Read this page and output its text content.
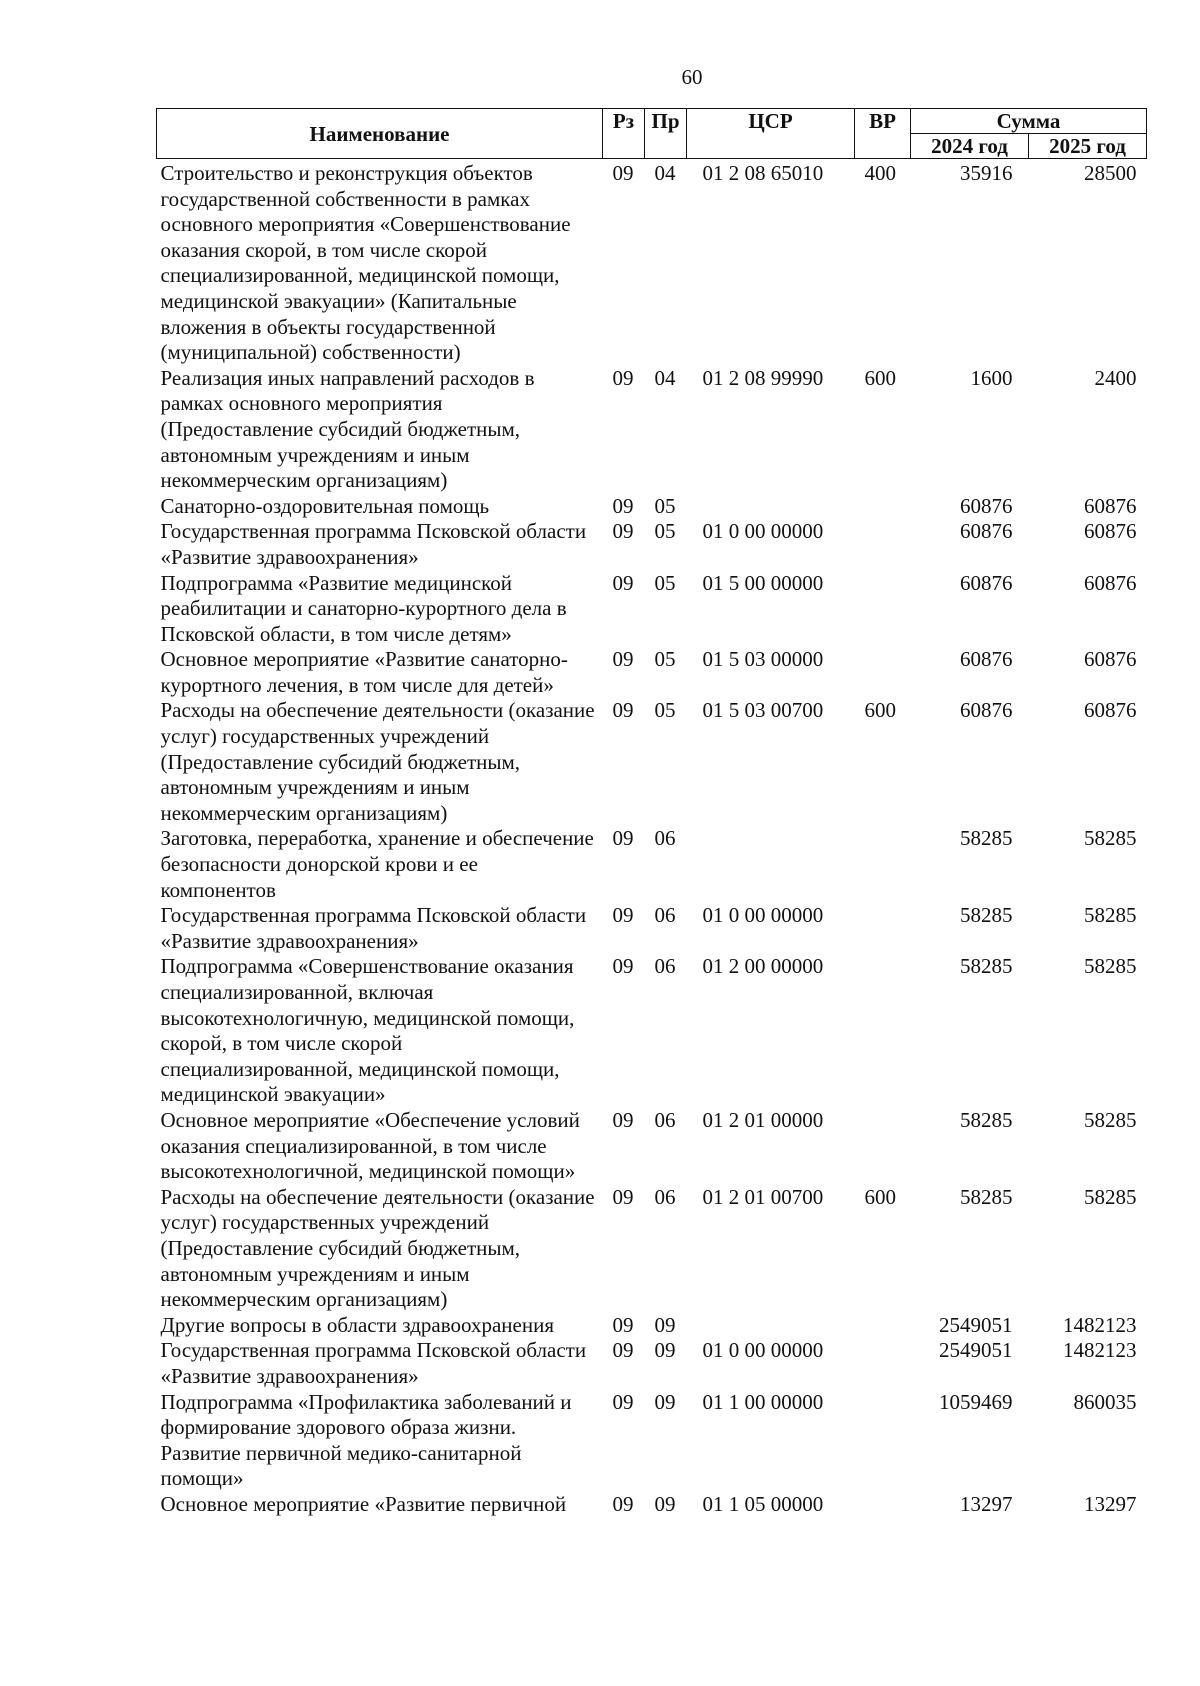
60
Наименование	Рз	Пр	ЦСР	ВР	Сумма	
					2024 год	2025 год
Строительство и реконструкция объектов государственной собственности в рамках основного мероприятия «Совершенствование оказания скорой, в том числе скорой специализированной, медицинской помощи, медицинской эвакуации» (Капитальные вложения в объекты государственной (муниципальной) собственности)	09	04	01 2 08 65010	400	35916	28500
Реализация иных направлений расходов в рамках основного мероприятия (Предоставление субсидий бюджетным, автономным учреждениям и иным некоммерческим организациям)	09	04	01 2 08 99990	600	1600	2400
Санаторно-оздоровительная помощь	09	05			60876	60876
Государственная программа Псковской области «Развитие здравоохранения»	09	05	01 0 00 00000		60876	60876
Подпрограмма «Развитие медицинской реабилитации и санаторно-курортного дела в Псковской области, в том числе детям»	09	05	01 5 00 00000		60876	60876
Основное мероприятие «Развитие санаторно-курортного лечения, в том числе для детей»	09	05	01 5 03 00000		60876	60876
Расходы на обеспечение деятельности (оказание услуг) государственных учреждений (Предоставление субсидий бюджетным, автономным учреждениям и иным некоммерческим организациям)	09	05	01 5 03 00700	600	60876	60876
Заготовка, переработка, хранение и обеспечение безопасности донорской крови и ее компонентов	09	06			58285	58285
Государственная программа Псковской области «Развитие здравоохранения»	09	06	01 0 00 00000		58285	58285
Подпрограмма «Совершенствование оказания специализированной, включая высокотехнологичную, медицинской помощи, скорой, в том числе скорой специализированной, медицинской помощи, медицинской эвакуации»	09	06	01 2 00 00000		58285	58285
Основное мероприятие «Обеспечение условий оказания специализированной, в том числе высокотехнологичной, медицинской помощи»	09	06	01 2 01 00000		58285	58285
Расходы на обеспечение деятельности (оказание услуг) государственных учреждений (Предоставление субсидий бюджетным, автономным учреждениям и иным некоммерческим организациям)	09	06	01 2 01 00700	600	58285	58285
Другие вопросы в области здравоохранения	09	09			2549051	1482123
Государственная программа Псковской области «Развитие здравоохранения»	09	09	01 0 00 00000		2549051	1482123
Подпрограмма «Профилактика заболеваний и формирование здорового образа жизни. Развитие первичной медико-санитарной помощи»	09	09	01 1 00 00000		1059469	860035
Основное мероприятие «Развитие первичной	09	09	01 1 05 00000		13297	13297
